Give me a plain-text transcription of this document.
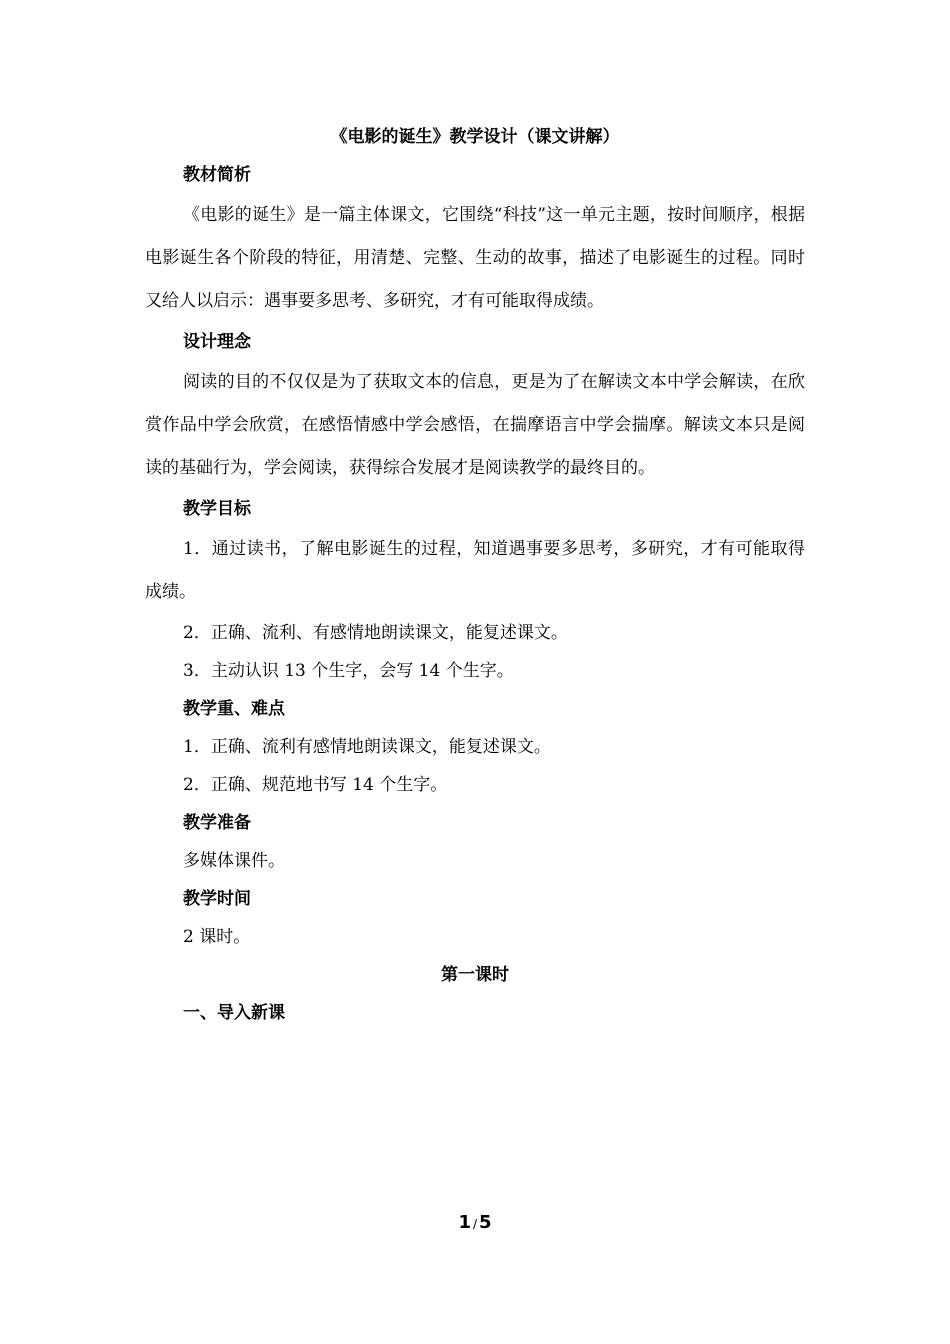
《电影的诞生》教学设计（课文讲解）
教材简析

《电影的诞生》是一篇主体课文，它围绕“科技”这一单元主题，按时间顺序，根据电影诞生各个阶段的特征，用清楚、完整、生动的故事，描述了电影诞生的过程。同时又给人以启示：遇事要多思考、多研究，才有可能取得成绩。

设计理念

阅读的目的不仅仅是为了获取文本的信息，更是为了在解读文本中学会解读，在欣赏作品中学会欣赏，在感悟情感中学会感悟，在揣摩语言中学会揣摩。解读文本只是阅读的基础行为，学会阅读，获得综合发展才是阅读教学的最终目的。

教学目标

1．通过读书，了解电影诞生的过程，知道遇事要多思考，多研究，才有可能取得成绩。

2．正确、流利、有感情地朗读课文，能复述课文。

3．主动认识 13 个生字，会写 14 个生字。

教学重、难点

1．正确、流利有感情地朗读课文，能复述课文。

2．正确、规范地书写 14 个生字。

教学准备

多媒体课件。

教学时间

2 课时。

第一课时
一、导入新课
1 / 5
